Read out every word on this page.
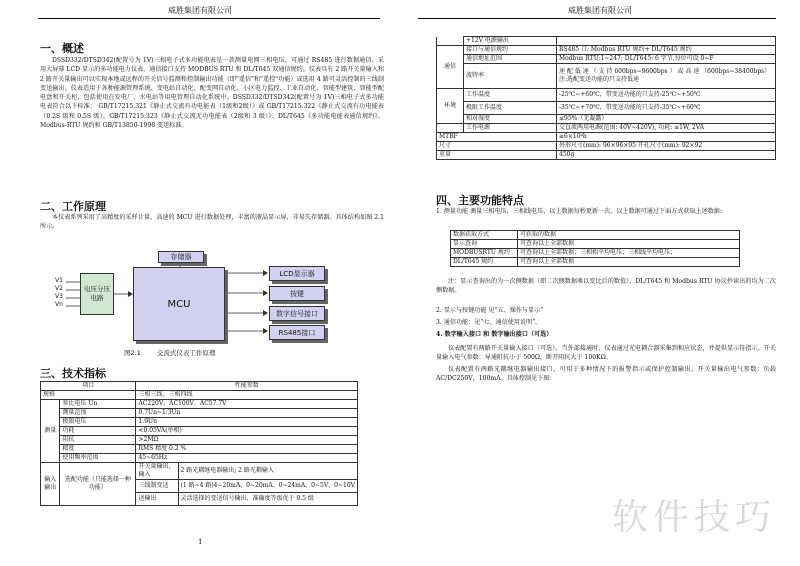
威胜集团有限公司
一、概述

DSSD332/DTSD342(配置号为 1V)三相电子式多功能电表是一款测量电网三相电压、可通过 RS485 进行数据通信、采用大屏幕 LCD 显示的多功能电力仪表。通信接口支持 MODBUS RTU 和 DL/T645 双通信规约。仪表具有 2 路开关量输入和 2 路开关量输出可以实现本地或远程的开关信号监测和控制输出功能（即"遥信"和"遥控"功能）或选用 4 路可灵活控制的三线制变送输出。仪表适用于各种能源管理系统、变电站自动化、配变网自动化、小区电力监控、工业自动化、智能型建筑、智能型配电盘和开关柜，包括使用在发电厂、水电站等用电管理自动化系统中。DSSD332/DTSD342(配置号为 1V)三相电子式多功能电表符合以下标准： GB/T17215.321《静止式交流有功电能表（1级和2级）》或 GB/T17215.322《静止式交流有功电能表（0.2S 级和 0.5S 级）、GB/T17215.323《静止式交流无功电能表（2级和 3 级）》、DL/T645《多功能电能表通信规约》、Modbus-RTU 规约和 GB/T13850-1998 变送标准。

二、工作原理

本仪表系列采用了高精度的采样计量，高速的 MCU 进行数据处理，丰富的液晶显示屏，非易失存储器。具体结构如图 2.1 所示。

V1
V2
V3
Vn
电压分压电路
存储器
MCU
LCD显示器
按键
数字信号接口
RS485接口
图2.1 交流式仪表工作原理
三、技术指标
项目		性能参数	
规格		三相三线、三相四线	
测量	参比电压 Un	AC220V、AC100V、AC57.7V	
	测量范围	0.7Un~1.3Un	
	极限电压	1.9Un	
	功耗	<0.05VA(单相)	
	阻抗	>2MΩ	
	精度	RMS 精度 0.2 %	
	使用频率范围	45~65Hz	
输入输出	选配功能（只能选择一种功能）	开关量输出、输入	2 路光耦继电器输出; 2 路光耦输入
		三线制变送	(1 路~4 路)4~20mA、0~20mA、0~24mA、0~5V、0~10V
		送输出	灵活选择的变送信号输出，准确度等级优于 0.5 级
1
威胜集团有限公司
	+12V 电源输出	
通信	接口与通信规约	RS485 口: Modbus RTU 规约+ DL/T645 规约
	通信地址范围	Modbus RTU:1~247; DL/T645: 6 字节,每位可设 0~F
	波特率	速 配 低 速 （ 支 持 600bps~9600bps ） 或 高 速 （600bps~38400bps）注:选配变送功能的只支持低速
环境	工作温度	-25℃~+60℃，带变送功能的只支持-25℃~+50℃
	极限工作温度	-35℃~+70℃，带变送功能的只支持-35℃~+60℃
	相对湿度	≤95%（无凝露）
	工作电源	交直流两用电源(范围: 40V~420V), 功耗: ≤1W, 2VA
MTBF		≥6×10⁴h
尺寸		外形尺寸(mm): 96×96×95 开孔尺寸(mm): 92×92
重量		450g
四、主要功能特点

1. 测量功能 测量三相电压，三相线电压，以上数据每秒更新一次。以上数据可通过下面方式获取上述数据:

数据获取方式	可获取的数据
显示查询	可查询以上全部数据
MODBUSRTU 规约	可查询以上全部数据；三相相平均电压；三相线平均电压；
DL/T645 规约	可查询以上全部数据

注：显示查询出的为一次侧数据（即二次侧数据乘以变比后的数值），DL/T645 和 Modbus RTU 协议抄读出的均为二次侧数据。

2. 显示与按键功能 见“五、操作与显示”
3. 通信功能：见“七、通信使用说明”。
4. 数字输入接口 和 数字输出接口（可选）

仪表配置有两路开关量输入接口（可选），当外部接通时，仪表通过光电耦合器采集到相应状态，并提供显示符指示。开关量输入电气参数：导通阻抗小于 500Ω，断开阻抗大于 100KΩ。

仪表配置有两路光耦继电器输出接口，可用于多种情况下的报警指示或保护控制输出。开关量输出电气参数：负载 AC/DC250V，100mA。具体控制见下图：

软件技巧
